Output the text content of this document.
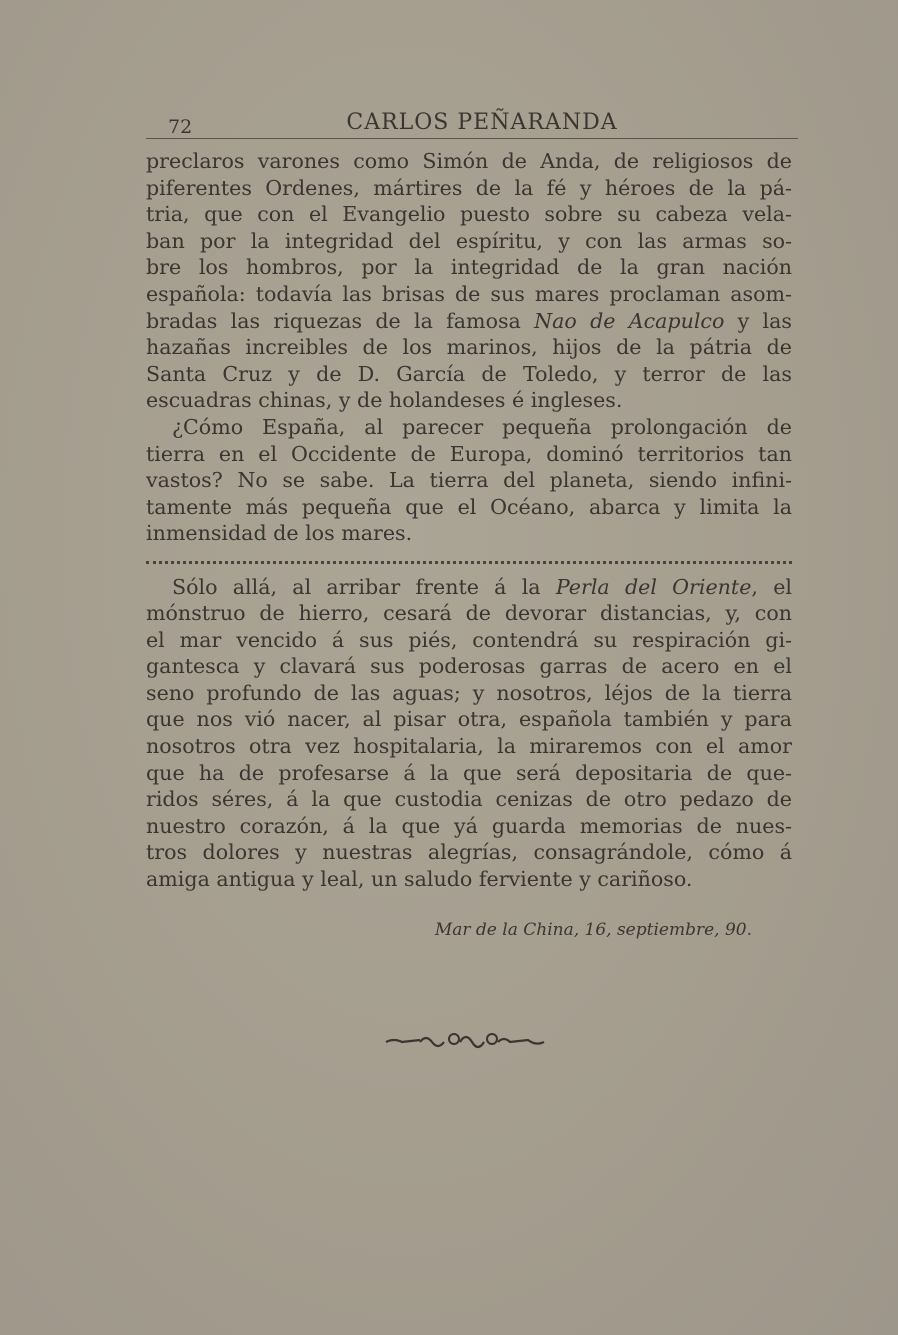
72	CARLOS PEÑARANDA
preclaros varones como Simón de Anda, de religiosos de
piferentes Ordenes, mártires de la fé y héroes de la pá-
tria, que con el Evangelio puesto sobre su cabeza vela-
ban por la integridad del espíritu, y con las armas so-
bre los hombros, por la integridad de la gran nación
española: todavía las brisas de sus mares proclaman asom-
bradas las riquezas de la famosa Nao de Acapulco y las
hazañas increibles de los marinos, hijos de la pátria de
Santa Cruz y de D. García de Toledo, y terror de las
escuadras chinas, y de holandeses é ingleses.
¿Cómo España, al parecer pequeña prolongación de
tierra en el Occidente de Europa, dominó territorios tan
vastos? No se sabe. La tierra del planeta, siendo infini-
tamente más pequeña que el Océano, abarca y limita la
inmensidad de los mares.
Sólo allá, al arribar frente á la Perla del Oriente, el
mónstruo de hierro, cesará de devorar distancias, y, con
el mar vencido á sus piés, contendrá su respiración gi-
gantesca y clavará sus poderosas garras de acero en el
seno profundo de las aguas; y nosotros, léjos de la tierra
que nos vió nacer, al pisar otra, española también y para
nosotros otra vez hospitalaria, la miraremos con el amor
que ha de profesarse á la que será depositaria de que-
ridos séres, á la que custodia cenizas de otro pedazo de
nuestro corazón, á la que yá guarda memorias de nues-
tros dolores y nuestras alegrías, consagrándole, cómo á
amiga antigua y leal, un saludo ferviente y cariñoso.
Mar de la China, 16, septiembre, 90.
